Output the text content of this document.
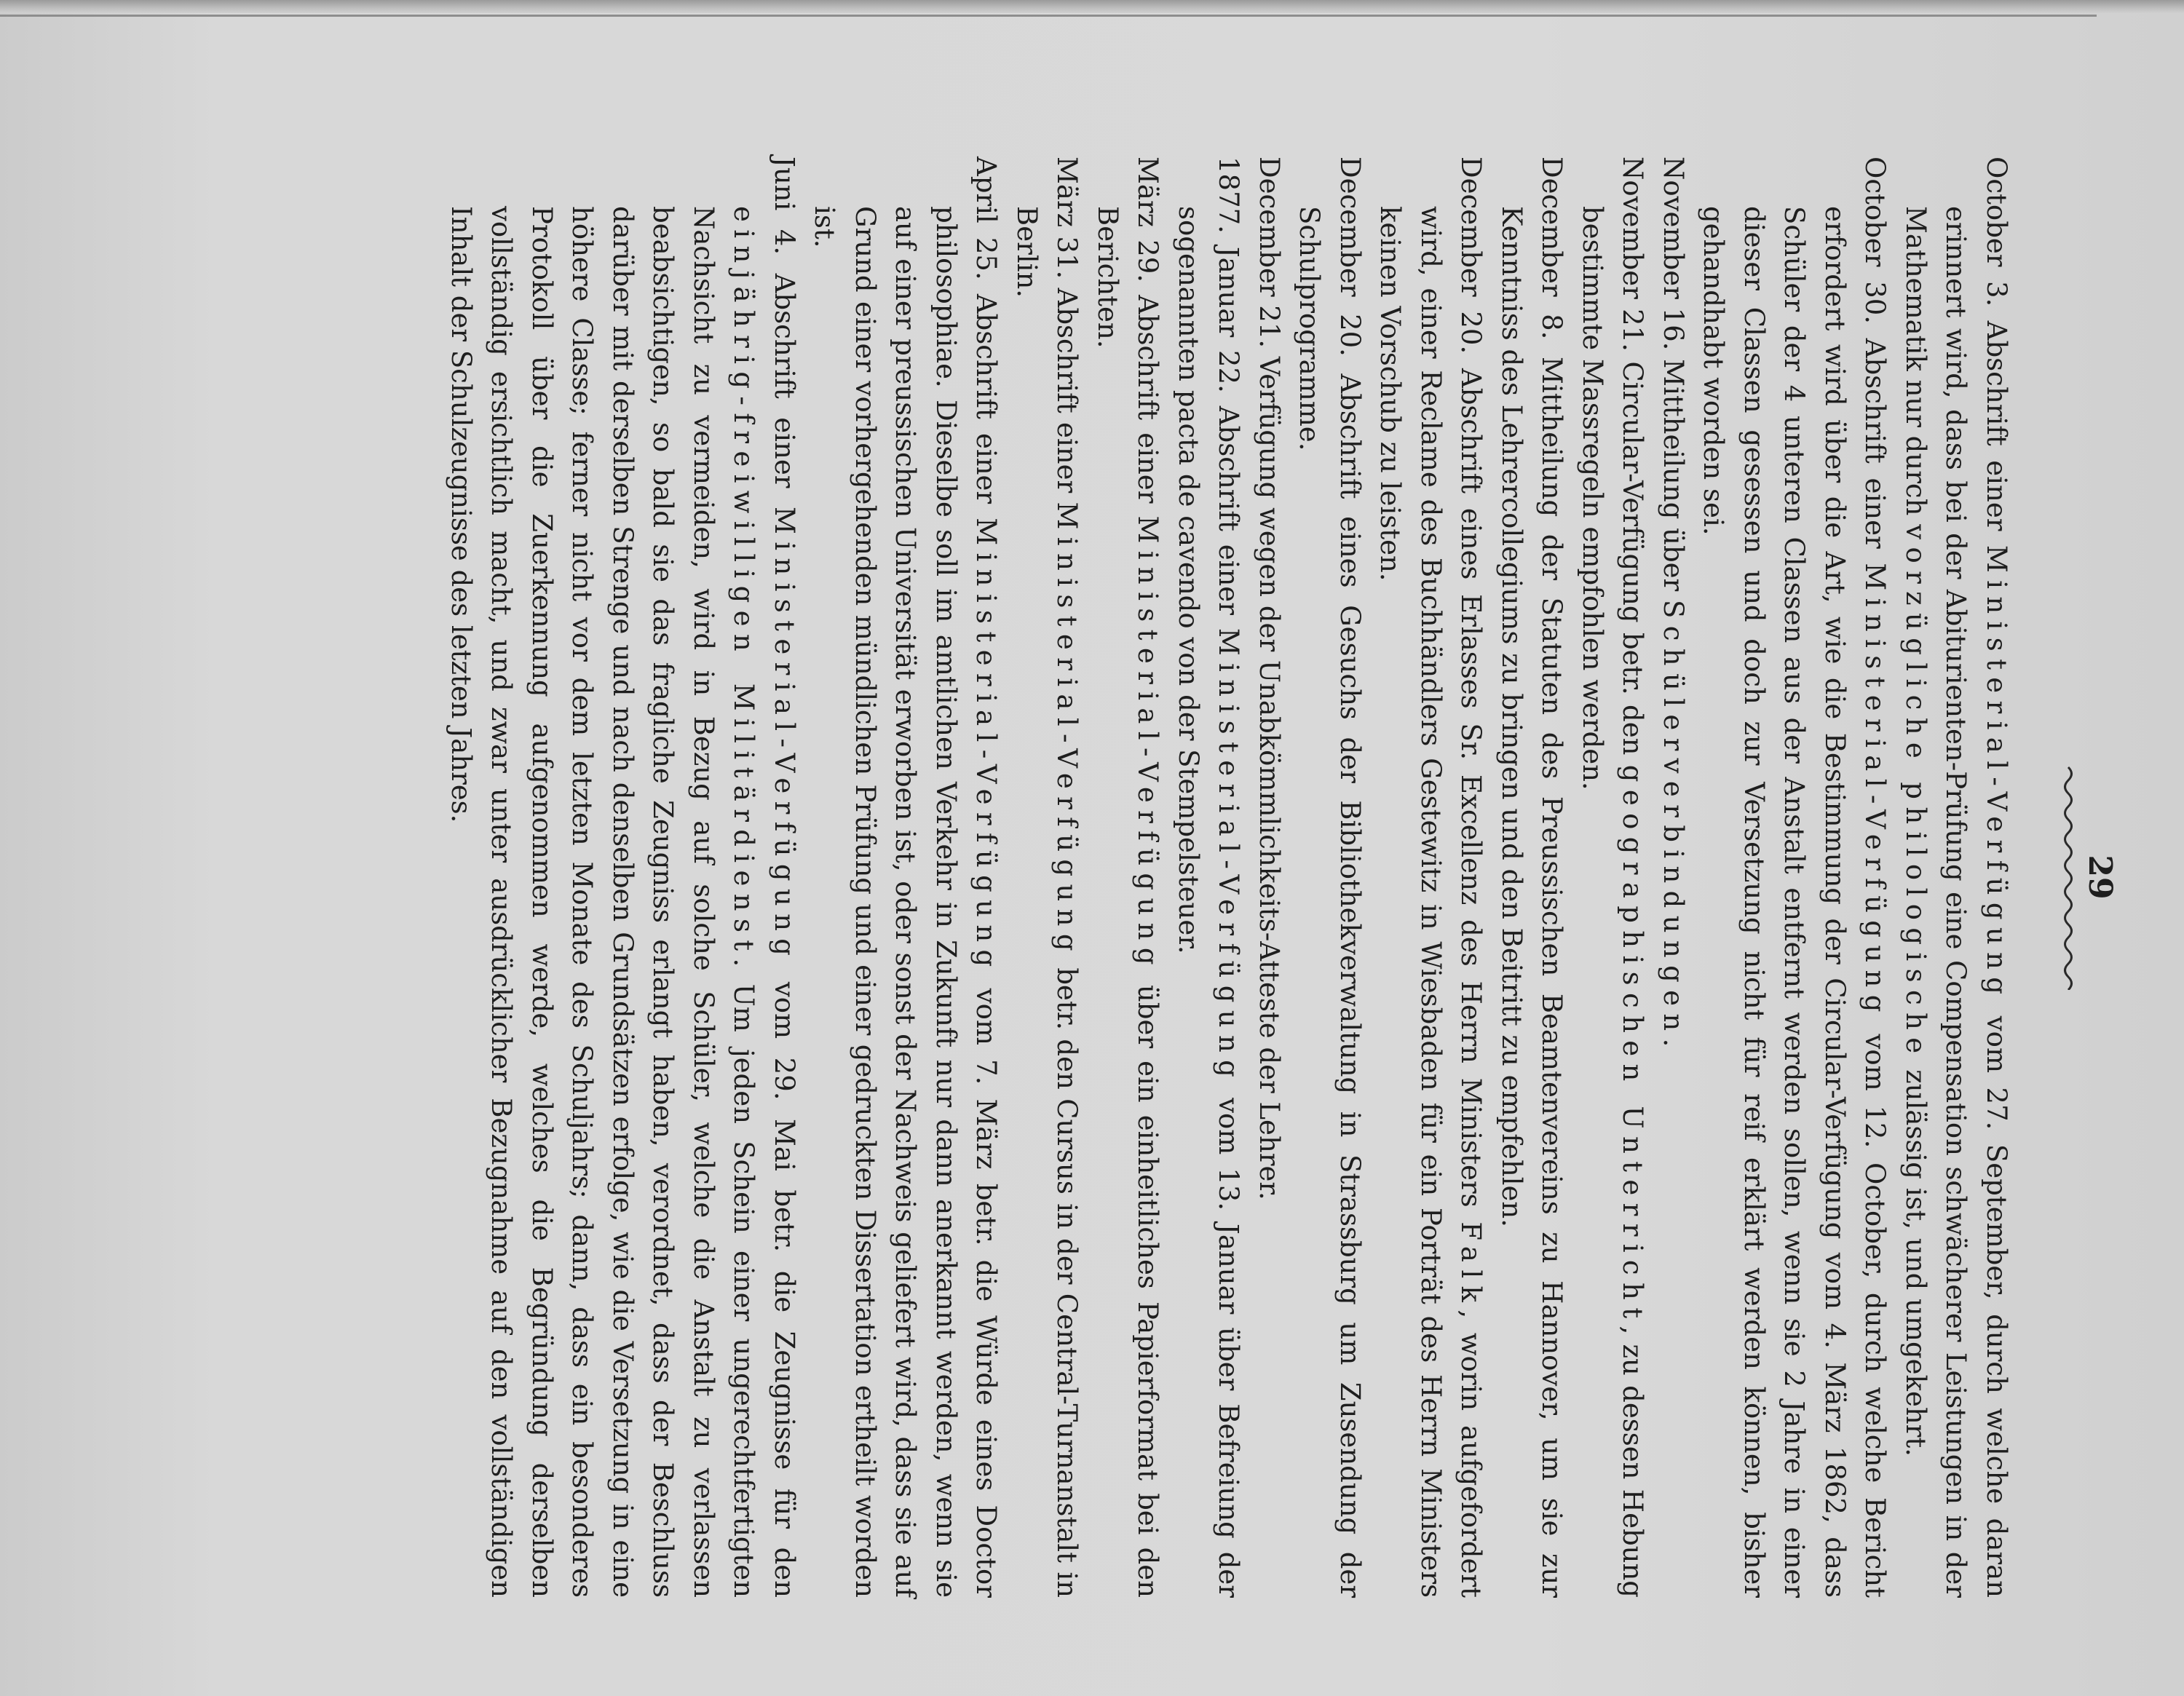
29

October 3. Abschrift einer Ministerial-Verfügung vom 27. September, durch welche daran erinnert wird, dass bei der Abiturienten-Prüfung eine Compensation schwächerer Leistungen in der Mathematik nur durch vorzügliche philologische zulässig ist, und umgekehrt.

October 30. Abschrift einer Ministerial-Verfügung vom 12. October, durch welche Bericht erfordert wird über die Art, wie die Bestimmung der Circular-Verfügung vom 4. März 1862, dass Schüler der 4 unteren Classen aus der Anstalt entfernt werden sollen, wenn sie 2 Jahre in einer dieser Classen gesessen und doch zur Versetzung nicht für reif erklärt werden können, bisher gehandhabt worden sei.

November 16. Mittheilung über Schülerverbindungen.

November 21. Circular-Verfügung betr. den geographischen Unterricht, zu dessen Hebung bestimmte Massregeln empfohlen werden.

December 8. Mittheilung der Statuten des Preussischen Beamtenvereins zu Hannover, um sie zur Kenntniss des Lehrercollegiums zu bringen und den Beitritt zu empfehlen.

December 20. Abschrift eines Erlasses Sr. Excellenz des Herrn Ministers Falk, worin aufgefordert wird, einer Reclame des Buchhändlers Gestewitz in Wiesbaden für ein Porträt des Herrn Ministers keinen Vorschub zu leisten.

December 20. Abschrift eines Gesuchs der Bibliothekverwaltung in Strassburg um Zusendung der Schulprogramme.

December 21. Verfügung wegen der Unabkömmlichkeits-Atteste der Lehrer.

1877. Januar 22. Abschrift einer Ministerial-Verfügung vom 13. Januar über Befreiung der sogenannten pacta de cavendo von der Stempelsteuer.

März 29. Abschrift einer Ministerial-Verfügung über ein einheitliches Papierformat bei den Berichten.

März 31. Abschrift einer Ministerial-Verfügung betr. den Cursus in der Central-Turnanstalt in Berlin.

April 25. Abschrift einer Ministerial-Verfügung vom 7. März betr. die Würde eines Doctor philosophiae. Dieselbe soll im amtlichen Verkehr in Zukunft nur dann anerkannt werden, wenn sie auf einer preussischen Universität erworben ist, oder sonst der Nachweis geliefert wird, dass sie auf Grund einer vorhergehenden mündlichen Prüfung und einer gedruckten Dissertation ertheilt worden ist.

Juni 4. Abschrift einer Ministerial-Verfügung vom 29. Mai betr. die Zeugnisse für den einjährig-freiwilligen Militärdienst. Um jeden Schein einer ungerechtfertigten Nachsicht zu vermeiden, wird in Bezug auf solche Schüler, welche die Anstalt zu verlassen beabsichtigen, so bald sie das fragliche Zeugniss erlangt haben, verordnet, dass der Beschluss darüber mit derselben Strenge und nach denselben Grundsätzen erfolge, wie die Versetzung in eine höhere Classe; ferner nicht vor dem letzten Monate des Schuljahrs; dann, dass ein besonderes Protokoll über die Zuerkennung aufgenommen werde, welches die Begründung derselben vollständig ersichtlich macht, und zwar unter ausdrücklicher Bezugnahme auf den vollständigen Inhalt der Schulzeugnisse des letzten Jahres.
